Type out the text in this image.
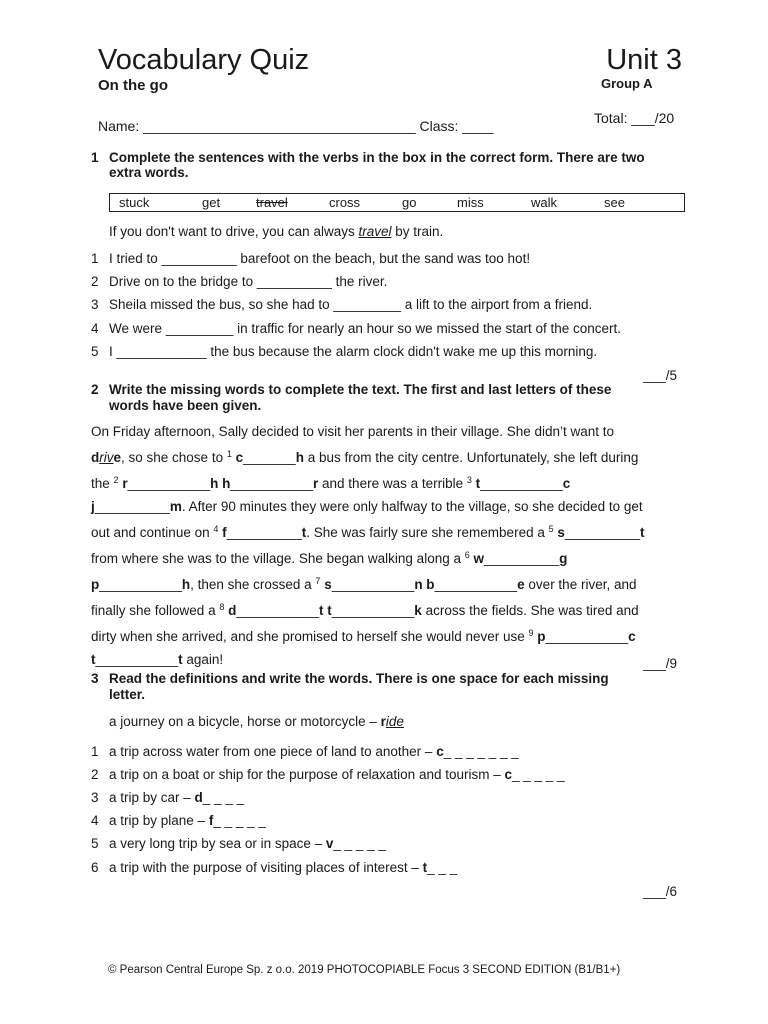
Vocabulary Quiz	Unit 3
On the go	Group A
Total: ___/20
Name: ___________________________________ Class: ____
1 Complete the sentences with the verbs in the box in the correct form. There are two
extra words.
stuck	get	travel	cross	go	miss	walk	see
If you don't want to drive, you can always travel by train.
1 I tried to __________ barefoot on the beach, but the sand was too hot!
2 Drive on to the bridge to __________ the river.
3 Sheila missed the bus, so she had to _________ a lift to the airport from a friend.
4 We were _________ in traffic for nearly an hour so we missed the start of the concert.
5 I ____________ the bus because the alarm clock didn't wake me up this morning.
___/5
2 Write the missing words to complete the text. The first and last letters of these
words have been given.
On Friday afternoon, Sally decided to visit her parents in their village. She didn’t want to
drive, so she chose to $^1$ c_______h a bus from the city centre. Unfortunately, she left during
the $^2$ r___________h h___________r and there was a terrible $^3$ t___________c
j__________m. After 90 minutes they were only halfway to the village, so she decided to get
out and continue on $^4$ f__________t. She was fairly sure she remembered a $^5$ s__________t
from where she was to the village. She began walking along a $^6$ w__________g
p___________h, then she crossed a $^7$ s___________n b___________e over the river, and
finally she followed a $^8$ d___________t t___________k across the fields. She was tired and
dirty when she arrived, and she promised to herself she would never use $^9$ p___________c
t___________t again!	___/9
3 Read the definitions and write the words. There is one space for each missing
letter.
a journey on a bicycle, horse or motorcycle – ride
1 a trip across water from one piece of land to another – c_ _ _ _ _ _ _
2 a trip on a boat or ship for the purpose of relaxation and tourism – c_ _ _ _ _
3 a trip by car – d_ _ _ _
4 a trip by plane – f_ _ _ _ _
5 a very long trip by sea or in space – v_ _ _ _ _
6 a trip with the purpose of visiting places of interest – t_ _ _
___/6
© Pearson Central Europe Sp. z o.o. 2019 PHOTOCOPIABLE Focus 3 SECOND EDITION (B1/B1+)
